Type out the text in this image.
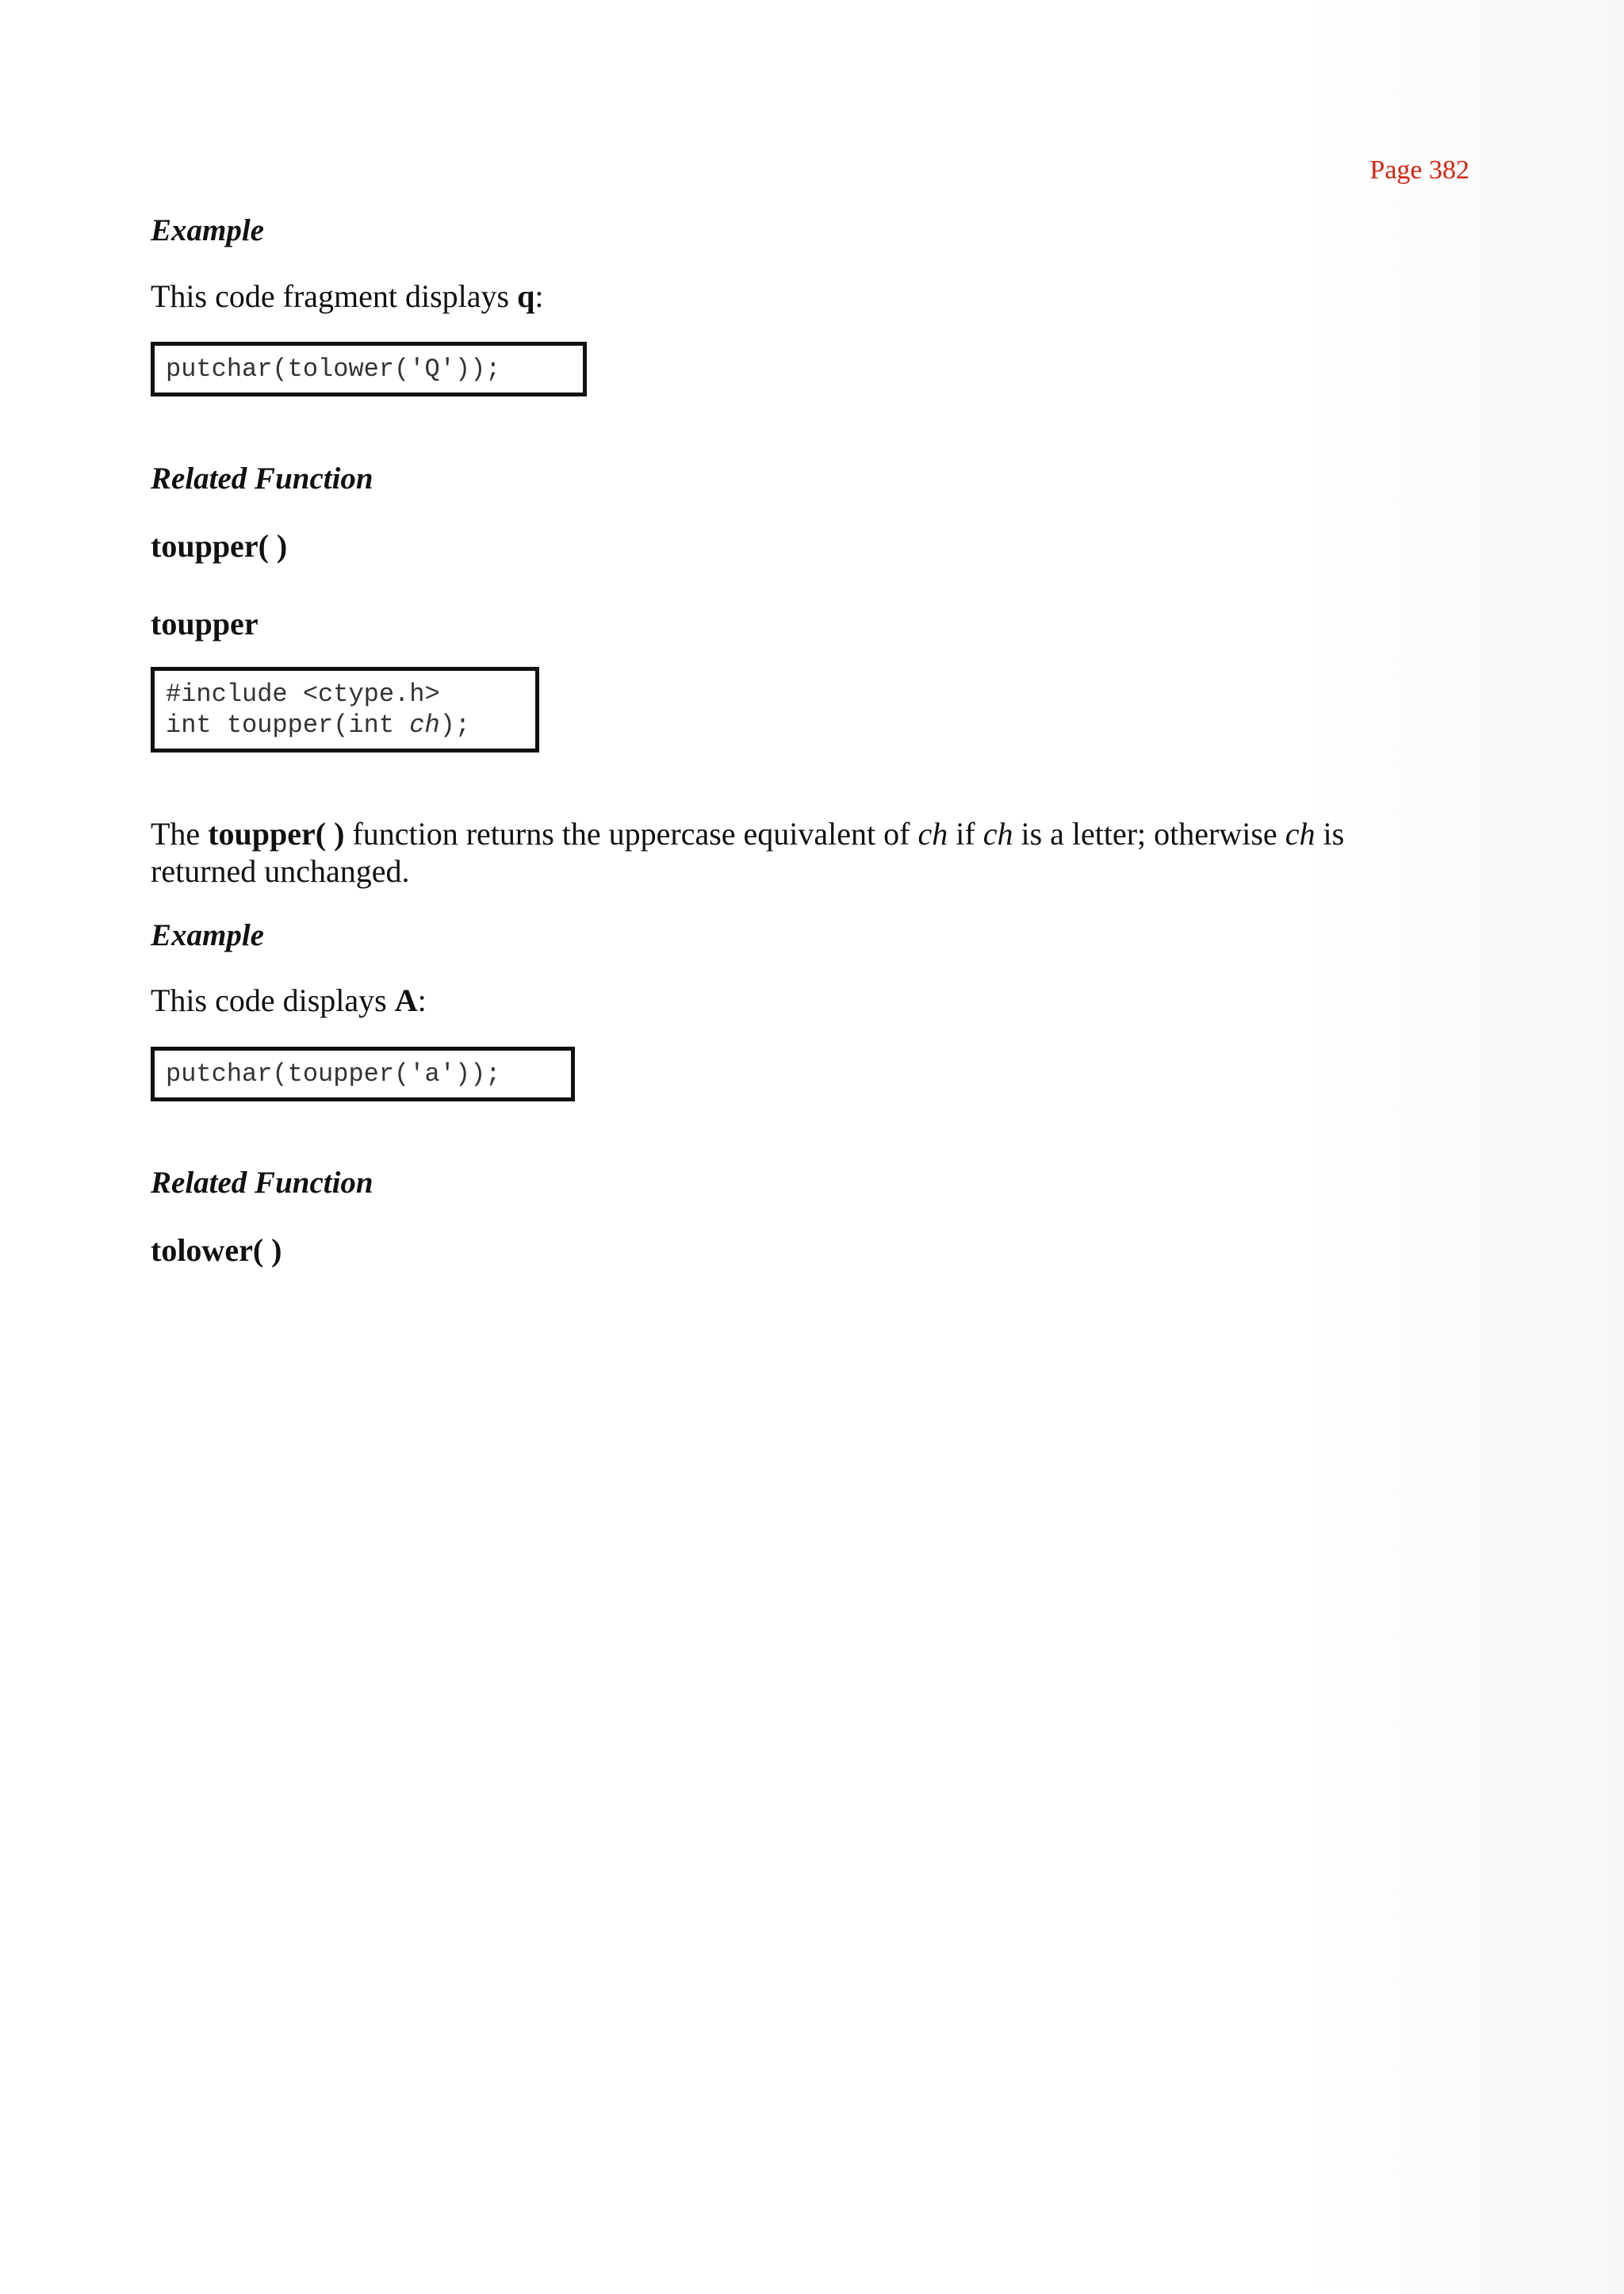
Page 382
Example
This code fragment displays q:
putchar(tolower('Q'));
Related Function
toupper( )
toupper
#include <ctype.h>
int toupper(int ch);
The toupper( ) function returns the uppercase equivalent of ch if ch is a letter; otherwise ch is returned unchanged.
Example
This code displays A:
putchar(toupper('a'));
Related Function
tolower( )
